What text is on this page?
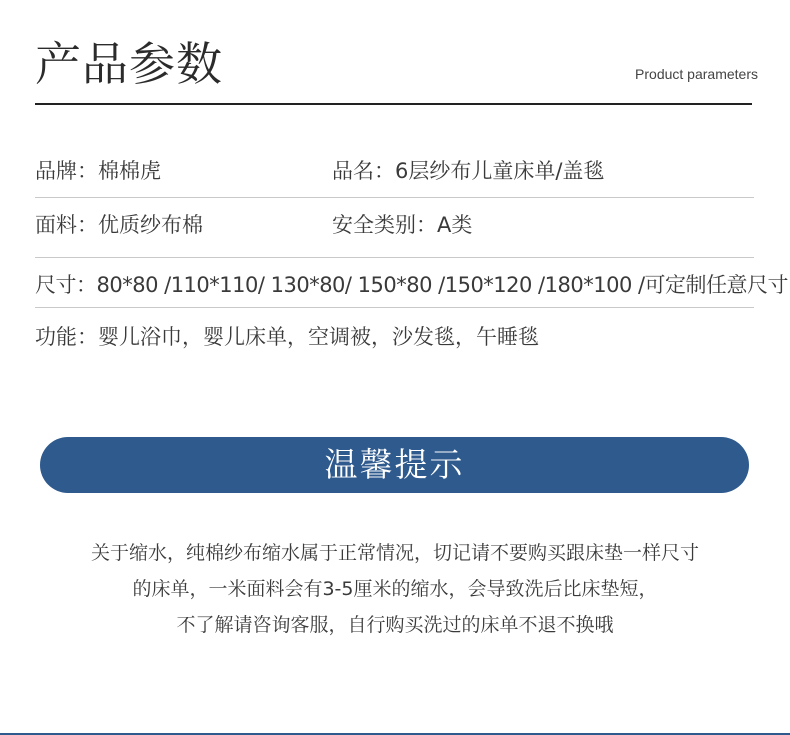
产品参数	Product parameters
品牌：棉棉虎	品名：6层纱布儿童床单/盖毯
面料：优质纱布棉	安全类别：A类
尺寸：80*80 /110*110/ 130*80/ 150*80 /150*120 /180*100 /可定制任意尺寸
功能：婴儿浴巾，婴儿床单，空调被，沙发毯，午睡毯
温馨提示
关于缩水，纯棉纱布缩水属于正常情况，切记请不要购买跟床垫一样尺寸
的床单，一米面料会有3-5厘米的缩水，会导致洗后比床垫短，
不了解请咨询客服，自行购买洗过的床单不退不换哦
